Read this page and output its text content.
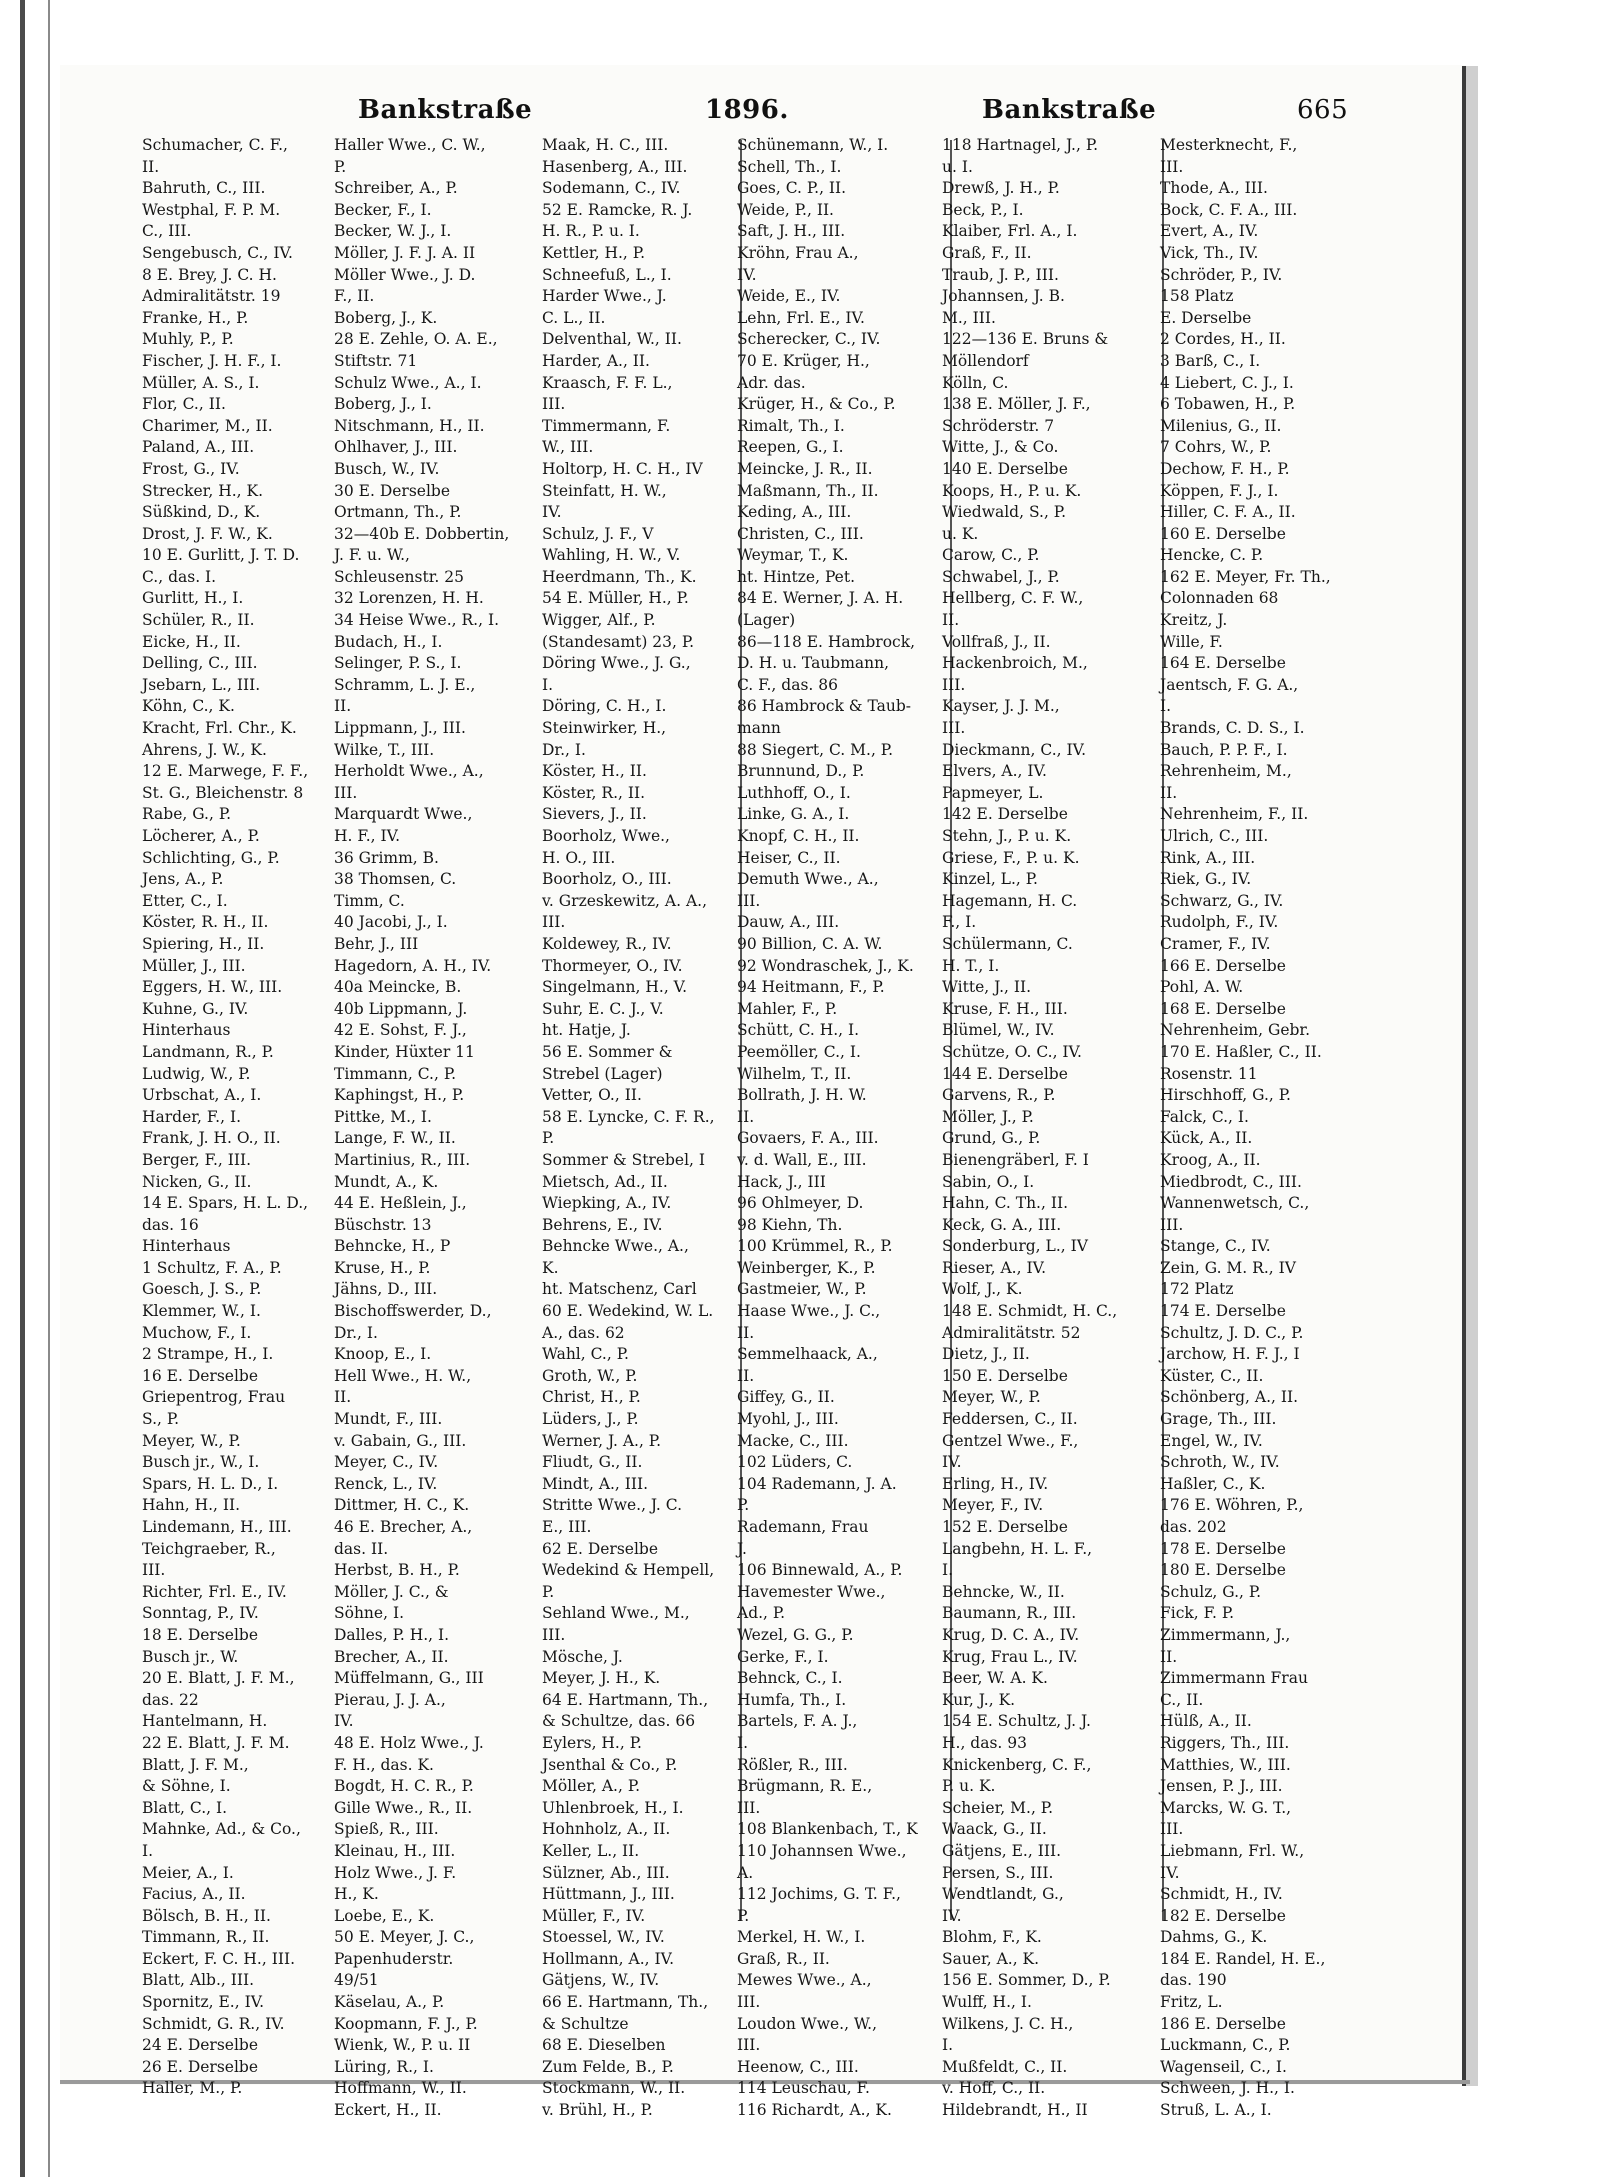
Bankstraße	1896.	Bankstraße	665
Schumacher, C. F.,
II.
Bahruth, C., III.
Westphal, F. P. M.
C., III.
Sengebusch, C., IV.
8 E. Brey, J. C. H.
Admiralitätstr. 19
Franke, H., P.
Muhly, P., P.
Fischer, J. H. F., I.
Müller, A. S., I.
Flor, C., II.
Charimer, M., II.
Paland, A., III.
Frost, G., IV.
Strecker, H., K.
Süßkind, D., K.
Drost, J. F. W., K.
10 E. Gurlitt, J. T. D.
C., das. I.
Gurlitt, H., I.
Schüler, R., II.
Eicke, H., II.
Delling, C., III.
Jsebarn, L., III.
Köhn, C., K.
Kracht, Frl. Chr., K.
Ahrens, J. W., K.
12 E. Marwege, F. F.,
St. G., Bleichenstr. 8
Rabe, G., P.
Löcherer, A., P.
Schlichting, G., P.
Jens, A., P.
Etter, C., I.
Köster, R. H., II.
Spiering, H., II.
Müller, J., III.
Eggers, H. W., III.
Kuhne, G., IV.
Hinterhaus
Landmann, R., P.
Ludwig, W., P.
Urbschat, A., I.
Harder, F., I.
Frank, J. H. O., II.
Berger, F., III.
Nicken, G., II.
14 E. Spars, H. L. D.,
das. 16
Hinterhaus
1 Schultz, F. A., P.
Goesch, J. S., P.
Klemmer, W., I.
Muchow, F., I.
2 Strampe, H., I.
16 E. Derselbe
Griepentrog, Frau
S., P.
Meyer, W., P.
Busch jr., W., I.
Spars, H. L. D., I.
Hahn, H., II.
Lindemann, H., III.
Teichgraeber, R.,
III.
Richter, Frl. E., IV.
Sonntag, P., IV.
18 E. Derselbe
Busch jr., W.
20 E. Blatt, J. F. M.,
das. 22
Hantelmann, H.
22 E. Blatt, J. F. M.
Blatt, J. F. M.,
& Söhne, I.
Blatt, C., I.
Mahnke, Ad., & Co.,
I.
Meier, A., I.
Facius, A., II.
Bölsch, B. H., II.
Timmann, R., II.
Eckert, F. C. H., III.
Blatt, Alb., III.
Spornitz, E., IV.
Schmidt, G. R., IV.
24 E. Derselbe
26 E. Derselbe
Haller, M., P.
Haller Wwe., C. W.,
P.
Schreiber, A., P.
Becker, F., I.
Becker, W. J., I.
Möller, J. F. J. A. II
Möller Wwe., J. D.
F., II.
Boberg, J., K.
28 E. Zehle, O. A. E.,
Stiftstr. 71
Schulz Wwe., A., I.
Boberg, J., I.
Nitschmann, H., II.
Ohlhaver, J., III.
Busch, W., IV.
30 E. Derselbe
Ortmann, Th., P.
32—40b E. Dobbertin,
J. F. u. W.,
Schleusenstr. 25
32 Lorenzen, H. H.
34 Heise Wwe., R., I.
Budach, H., I.
Selinger, P. S., I.
Schramm, L. J. E.,
II.
Lippmann, J., III.
Wilke, T., III.
Herholdt Wwe., A.,
III.
Marquardt Wwe.,
H. F., IV.
36 Grimm, B.
38 Thomsen, C.
Timm, C.
40 Jacobi, J., I.
Behr, J., III
Hagedorn, A. H., IV.
40a Meincke, B.
40b Lippmann, J.
42 E. Sohst, F. J.,
Kinder, Hüxter 11
Timmann, C., P.
Kaphingst, H., P.
Pittke, M., I.
Lange, F. W., II.
Martinius, R., III.
Mundt, A., K.
44 E. Heßlein, J.,
Büschstr. 13
Behncke, H., P
Kruse, H., P.
Jähns, D., III.
Bischoffswerder, D.,
Dr., I.
Knoop, E., I.
Hell Wwe., H. W.,
II.
Mundt, F., III.
v. Gabain, G., III.
Meyer, C., IV.
Renck, L., IV.
Dittmer, H. C., K.
46 E. Brecher, A.,
das. II.
Herbst, B. H., P.
Möller, J. C., &
Söhne, I.
Dalles, P. H., I.
Brecher, A., II.
Müffelmann, G., III
Pierau, J. J. A.,
IV.
48 E. Holz Wwe., J.
F. H., das. K.
Bogdt, H. C. R., P.
Gille Wwe., R., II.
Spieß, R., III.
Kleinau, H., III.
Holz Wwe., J. F.
H., K.
Loebe, E., K.
50 E. Meyer, J. C.,
Papenhuderstr.
49/51
Käselau, A., P.
Koopmann, F. J., P.
Wienk, W., P. u. II
Lüring, R., I.
Hoffmann, W., II.
Eckert, H., II.
Maak, H. C., III.
Hasenberg, A., III.
Sodemann, C., IV.
52 E. Ramcke, R. J.
H. R., P. u. I.
Kettler, H., P.
Schneefuß, L., I.
Harder Wwe., J.
C. L., II.
Delventhal, W., II.
Harder, A., II.
Kraasch, F. F. L.,
III.
Timmermann, F.
W., III.
Holtorp, H. C. H., IV
Steinfatt, H. W.,
IV.
Schulz, J. F., V
Wahling, H. W., V.
Heerdmann, Th., K.
54 E. Müller, H., P.
Wigger, Alf., P.
(Standesamt) 23, P.
Döring Wwe., J. G.,
I.
Döring, C. H., I.
Steinwirker, H.,
Dr., I.
Köster, H., II.
Köster, R., II.
Sievers, J., II.
Boorholz, Wwe.,
H. O., III.
Boorholz, O., III.
v. Grzeskewitz, A. A.,
III.
Koldewey, R., IV.
Thormeyer, O., IV.
Singelmann, H., V.
Suhr, E. C. J., V.
ht. Hatje, J.
56 E. Sommer &
Strebel (Lager)
Vetter, O., II.
58 E. Lyncke, C. F. R.,
P.
Sommer & Strebel, I
Mietsch, Ad., II.
Wiepking, A., IV.
Behrens, E., IV.
Behncke Wwe., A.,
K.
ht. Matschenz, Carl
60 E. Wedekind, W. L.
A., das. 62
Wahl, C., P.
Groth, W., P.
Christ, H., P.
Lüders, J., P.
Werner, J. A., P.
Fliudt, G., II.
Mindt, A., III.
Stritte Wwe., J. C.
E., III.
62 E. Derselbe
Wedekind & Hempell,
P.
Sehland Wwe., M.,
III.
Mösche, J.
Meyer, J. H., K.
64 E. Hartmann, Th.,
& Schultze, das. 66
Eylers, H., P.
Jsenthal & Co., P.
Möller, A., P.
Uhlenbroek, H., I.
Hohnholz, A., II.
Keller, L., II.
Sülzner, Ab., III.
Hüttmann, J., III.
Müller, F., IV.
Stoessel, W., IV.
Hollmann, A., IV.
Gätjens, W., IV.
66 E. Hartmann, Th.,
& Schultze
68 E. Dieselben
Zum Felde, B., P.
Stockmann, W., II.
v. Brühl, H., P.
Schünemann, W., I.
Schell, Th., I.
Goes, C. P., II.
Weide, P., II.
Saft, J. H., III.
Kröhn, Frau A.,
IV.
Weide, E., IV.
Lehn, Frl. E., IV.
Scherecker, C., IV.
70 E. Krüger, H.,
Adr. das.
Krüger, H., & Co., P.
Rimalt, Th., I.
Reepen, G., I.
Meincke, J. R., II.
Maßmann, Th., II.
Keding, A., III.
Christen, C., III.
Weymar, T., K.
ht. Hintze, Pet.
84 E. Werner, J. A. H.
(Lager)
86—118 E. Hambrock,
D. H. u. Taubmann,
C. F., das. 86
86 Hambrock & Taub-
mann
88 Siegert, C. M., P.
Brunnund, D., P.
Luthhoff, O., I.
Linke, G. A., I.
Knopf, C. H., II.
Heiser, C., II.
Demuth Wwe., A.,
III.
Dauw, A., III.
90 Billion, C. A. W.
92 Wondraschek, J., K.
94 Heitmann, F., P.
Mahler, F., P.
Schütt, C. H., I.
Peemöller, C., I.
Wilhelm, T., II.
Bollrath, J. H. W.
II.
Govaers, F. A., III.
v. d. Wall, E., III.
Hack, J., III
96 Ohlmeyer, D.
98 Kiehn, Th.
100 Krümmel, R., P.
Weinberger, K., P.
Gastmeier, W., P.
Haase Wwe., J. C.,
II.
Semmelhaack, A.,
II.
Giffey, G., II.
Myohl, J., III.
Macke, C., III.
102 Lüders, C.
104 Rademann, J. A.
P.
Rademann, Frau
J.
106 Binnewald, A., P.
Havemester Wwe.,
Ad., P.
Wezel, G. G., P.
Gerke, F., I.
Behnck, C., I.
Humfa, Th., I.
Bartels, F. A. J.,
I.
Rößler, R., III.
Brügmann, R. E.,
III.
108 Blankenbach, T., K
110 Johannsen Wwe.,
A.
112 Jochims, G. T. F.,
P.
Merkel, H. W., I.
Graß, R., II.
Mewes Wwe., A.,
III.
Loudon Wwe., W.,
III.
Heenow, C., III.
114 Leuschau, F.
116 Richardt, A., K.
118 Hartnagel, J., P.
u. I.
Drewß, J. H., P.
Beck, P., I.
Klaiber, Frl. A., I.
Graß, F., II.
Traub, J. P., III.
Johannsen, J. B.
M., III.
122—136 E. Bruns &
Möllendorf
Kölln, C.
138 E. Möller, J. F.,
Schröderstr. 7
Witte, J., & Co.
140 E. Derselbe
Koops, H., P. u. K.
Wiedwald, S., P.
u. K.
Carow, C., P.
Schwabel, J., P.
Hellberg, C. F. W.,
II.
Vollfraß, J., II.
Hackenbroich, M.,
III.
Kayser, J. J. M.,
III.
Dieckmann, C., IV.
Elvers, A., IV.
Papmeyer, L.
142 E. Derselbe
Stehn, J., P. u. K.
Griese, F., P. u. K.
Kinzel, L., P.
Hagemann, H. C.
F., I.
Schülermann, C.
H. T., I.
Witte, J., II.
Kruse, F. H., III.
Blümel, W., IV.
Schütze, O. C., IV.
144 E. Derselbe
Garvens, R., P.
Möller, J., P.
Grund, G., P.
Bienengräberl, F. I
Sabin, O., I.
Hahn, C. Th., II.
Keck, G. A., III.
Sonderburg, L., IV
Rieser, A., IV.
Wolf, J., K.
148 E. Schmidt, H. C.,
Admiralitätstr. 52
Dietz, J., II.
150 E. Derselbe
Meyer, W., P.
Feddersen, C., II.
Gentzel Wwe., F.,
IV.
Erling, H., IV.
Meyer, F., IV.
152 E. Derselbe
Langbehn, H. L. F.,
I.
Behncke, W., II.
Baumann, R., III.
Krug, D. C. A., IV.
Krug, Frau L., IV.
Beer, W. A. K.
Kur, J., K.
154 E. Schultz, J. J.
H., das. 93
Knickenberg, C. F.,
P. u. K.
Scheier, M., P.
Waack, G., II.
Gätjens, E., III.
Persen, S., III.
Wendtlandt, G.,
IV.
Blohm, F., K.
Sauer, A., K.
156 E. Sommer, D., P.
Wulff, H., I.
Wilkens, J. C. H.,
I.
Mußfeldt, C., II.
v. Hoff, C., II.
Hildebrandt, H., II
Mesterknecht, F.,
III.
Thode, A., III.
Bock, C. F. A., III.
Evert, A., IV.
Vick, Th., IV.
Schröder, P., IV.
158 Platz
E. Derselbe
2 Cordes, H., II.
3 Barß, C., I.
4 Liebert, C. J., I.
6 Tobawen, H., P.
Milenius, G., II.
7 Cohrs, W., P.
Dechow, F. H., P.
Köppen, F. J., I.
Hiller, C. F. A., II.
160 E. Derselbe
Hencke, C. P.
162 E. Meyer, Fr. Th.,
Colonnaden 68
Kreitz, J.
Wille, F.
164 E. Derselbe
Jaentsch, F. G. A.,
I.
Brands, C. D. S., I.
Bauch, P. P. F., I.
Rehrenheim, M.,
II.
Nehrenheim, F., II.
Ulrich, C., III.
Rink, A., III.
Riek, G., IV.
Schwarz, G., IV.
Rudolph, F., IV.
Cramer, F., IV.
166 E. Derselbe
Pohl, A. W.
168 E. Derselbe
Nehrenheim, Gebr.
170 E. Haßler, C., II.
Rosenstr. 11
Hirschhoff, G., P.
Falck, C., I.
Kück, A., II.
Kroog, A., II.
Miedbrodt, C., III.
Wannenwetsch, C.,
III.
Stange, C., IV.
Zein, G. M. R., IV
172 Platz
174 E. Derselbe
Schultz, J. D. C., P.
Jarchow, H. F. J., I
Küster, C., II.
Schönberg, A., II.
Grage, Th., III.
Engel, W., IV.
Schroth, W., IV.
Haßler, C., K.
176 E. Wöhren, P.,
das. 202
178 E. Derselbe
180 E. Derselbe
Schulz, G., P.
Fick, F. P.
Zimmermann, J.,
II.
Zimmermann Frau
C., II.
Hülß, A., II.
Riggers, Th., III.
Matthies, W., III.
Jensen, P. J., III.
Marcks, W. G. T.,
III.
Liebmann, Frl. W.,
IV.
Schmidt, H., IV.
182 E. Derselbe
Dahms, G., K.
184 E. Randel, H. E.,
das. 190
Fritz, L.
186 E. Derselbe
Luckmann, C., P.
Wagenseil, C., I.
Schween, J. H., I.
Struß, L. A., I.
